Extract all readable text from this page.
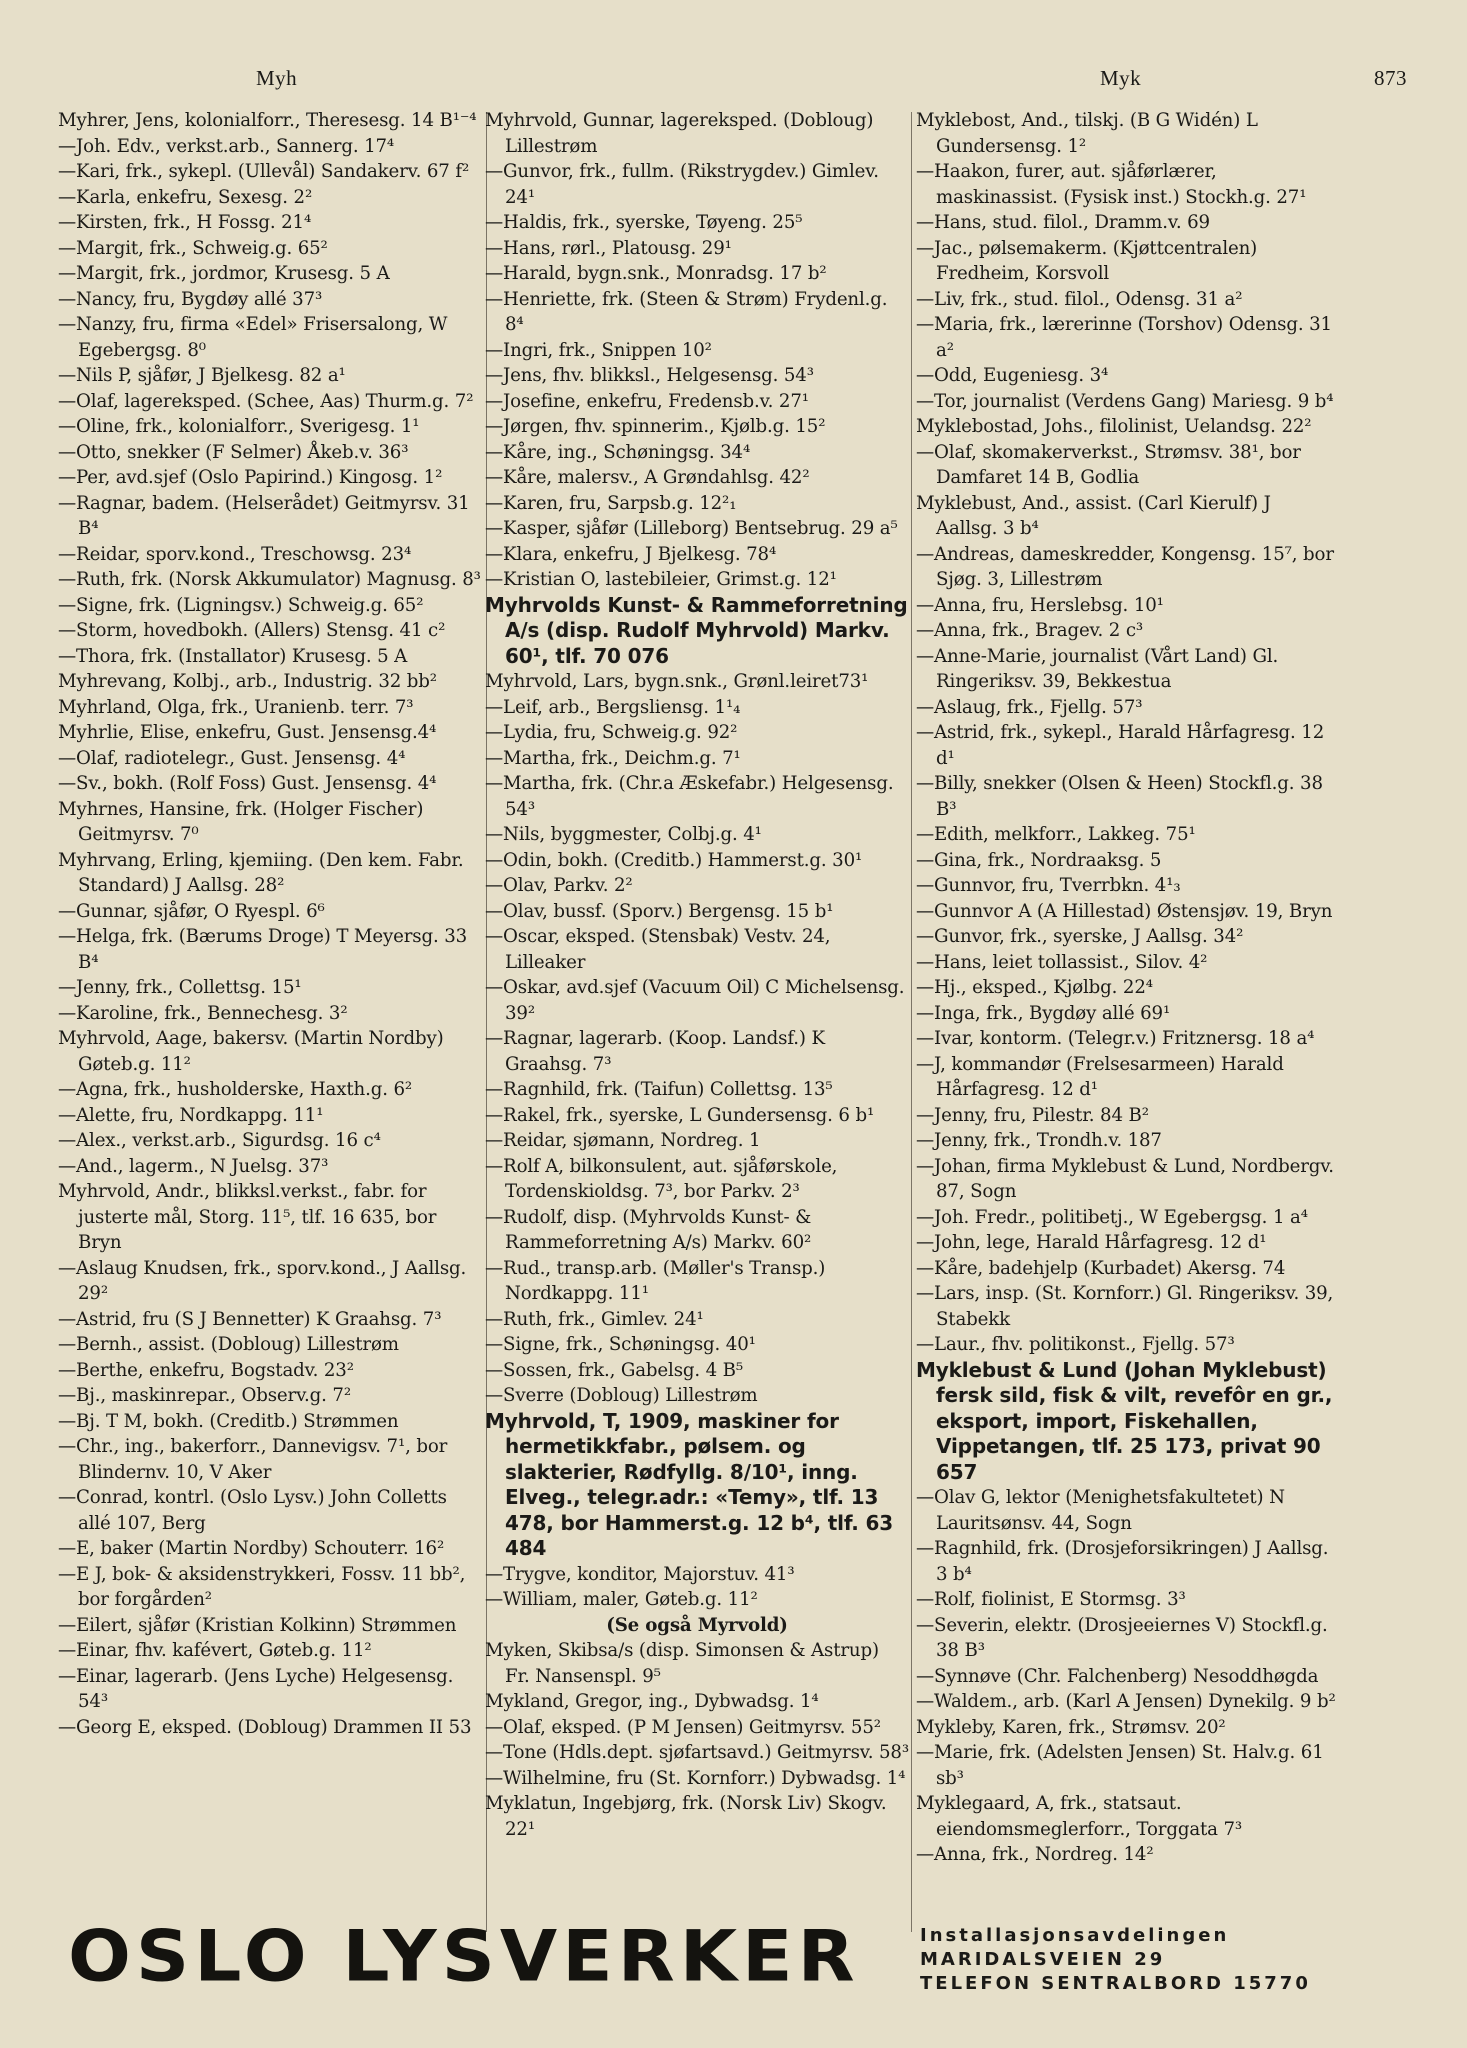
Myh	Myk	873

Myhrer, Jens, kolonialforr., Theresesg. 14 B¹⁻⁴

—Joh. Edv., verkst.arb., Sannerg. 17⁴

—Kari, frk., sykepl. (Ullevål) Sandakerv. 67 f²

—Karla, enkefru, Sexesg. 2²

—Kirsten, frk., H Fossg. 21⁴

—Margit, frk., Schweig.g. 65²

—Margit, frk., jordmor, Krusesg. 5 A

—Nancy, fru, Bygdøy allé 37³

—Nanzy, fru, firma «Edel» Frisersalong, W Egebergsg. 8⁰

—Nils P, sjåfør, J Bjelkesg. 82 a¹

—Olaf, lagereksped. (Schee, Aas) Thurm.g. 7²

—Oline, frk., kolonialforr., Sverigesg. 1¹

—Otto, snekker (F Selmer) Åkeb.v. 36³

—Per, avd.sjef (Oslo Papirind.) Kingosg. 1²

—Ragnar, badem. (Helserådet) Geitmyrsv. 31 B⁴

—Reidar, sporv.kond., Treschowsg. 23⁴

—Ruth, frk. (Norsk Akkumulator) Magnusg. 8³

—Signe, frk. (Ligningsv.) Schweig.g. 65²

—Storm, hovedbokh. (Allers) Stensg. 41 c²

—Thora, frk. (Installator) Krusesg. 5 A

Myhrevang, Kolbj., arb., Industrig. 32 bb²

Myhrland, Olga, frk., Uranienb. terr. 7³

Myhrlie, Elise, enkefru, Gust. Jensensg.4⁴

—Olaf, radiotelegr., Gust. Jensensg. 4⁴

—Sv., bokh. (Rolf Foss) Gust. Jensensg. 4⁴

Myhrnes, Hansine, frk. (Holger Fischer) Geitmyrsv. 7⁰

Myhrvang, Erling, kjemiing. (Den kem. Fabr. Standard) J Aallsg. 28²

—Gunnar, sjåfør, O Ryespl. 6⁶

—Helga, frk. (Bærums Droge) T Meyersg. 33 B⁴

—Jenny, frk., Collettsg. 15¹

—Karoline, frk., Bennechesg. 3²

Myhrvold, Aage, bakersv. (Martin Nordby) Gøteb.g. 11²

—Agna, frk., husholderske, Haxth.g. 6²

—Alette, fru, Nordkappg. 11¹

—Alex., verkst.arb., Sigurdsg. 16 c⁴

—And., lagerm., N Juelsg. 37³

Myhrvold, Andr., blikksl.verkst., fabr. for justerte mål, Storg. 11⁵, tlf. 16 635, bor Bryn

—Aslaug Knudsen, frk., sporv.kond., J Aallsg. 29²

—Astrid, fru (S J Bennetter) K Graahsg. 7³

—Bernh., assist. (Dobloug) Lillestrøm

—Berthe, enkefru, Bogstadv. 23²

—Bj., maskinrepar., Observ.g. 7²

—Bj. T M, bokh. (Creditb.) Strømmen

—Chr., ing., bakerforr., Dannevigsv. 7¹, bor Blindernv. 10, V Aker

—Conrad, kontrl. (Oslo Lysv.) John Colletts allé 107, Berg

—E, baker (Martin Nordby) Schouterr. 16²

—E J, bok- & aksidenstrykkeri, Fossv. 11 bb², bor forgården²

—Eilert, sjåfør (Kristian Kolkinn) Strømmen

—Einar, fhv. kafévert, Gøteb.g. 11²

—Einar, lagerarb. (Jens Lyche) Helgesensg. 54³

—Georg E, eksped. (Dobloug) Drammen II 53

Myhrvold, Gunnar, lagereksped. (Dobloug) Lillestrøm

—Gunvor, frk., fullm. (Rikstrygdev.) Gimlev. 24¹

—Haldis, frk., syerske, Tøyeng. 25⁵

—Hans, rørl., Platousg. 29¹

—Harald, bygn.snk., Monradsg. 17 b²

—Henriette, frk. (Steen & Strøm) Frydenl.g. 8⁴

—Ingri, frk., Snippen 10²

—Jens, fhv. blikksl., Helgesensg. 54³

—Josefine, enkefru, Fredensb.v. 27¹

—Jørgen, fhv. spinnerim., Kjølb.g. 15²

—Kåre, ing., Schøningsg. 34⁴

—Kåre, malersv., A Grøndahlsg. 42²

—Karen, fru, Sarpsb.g. 12²₁

—Kasper, sjåfør (Lilleborg) Bentsebrug. 29 a⁵

—Klara, enkefru, J Bjelkesg. 78⁴

—Kristian O, lastebileier, Grimst.g. 12¹

Myhrvolds Kunst- & Rammeforretning A/s (disp. Rudolf Myhrvold) Markv. 60¹, tlf. 70 076

Myhrvold, Lars, bygn.snk., Grønl.leiret73¹

—Leif, arb., Bergsliensg. 1¹₄

—Lydia, fru, Schweig.g. 92²

—Martha, frk., Deichm.g. 7¹

—Martha, frk. (Chr.a Æskefabr.) Helgesensg. 54³

—Nils, byggmester, Colbj.g. 4¹

—Odin, bokh. (Creditb.) Hammerst.g. 30¹

—Olav, Parkv. 2²

—Olav, bussf. (Sporv.) Bergensg. 15 b¹

—Oscar, eksped. (Stensbak) Vestv. 24, Lilleaker

—Oskar, avd.sjef (Vacuum Oil) C Michelsensg. 39²

—Ragnar, lagerarb. (Koop. Landsf.) K Graahsg. 7³

—Ragnhild, frk. (Taifun) Collettsg. 13⁵

—Rakel, frk., syerske, L Gundersensg. 6 b¹

—Reidar, sjømann, Nordreg. 1

—Rolf A, bilkonsulent, aut. sjåførskole, Tordenskioldsg. 7³, bor Parkv. 2³

—Rudolf, disp. (Myhrvolds Kunst- & Rammeforretning A/s) Markv. 60²

—Rud., transp.arb. (Møller's Transp.) Nordkappg. 11¹

—Ruth, frk., Gimlev. 24¹

—Signe, frk., Schøningsg. 40¹

—Sossen, frk., Gabelsg. 4 B⁵

—Sverre (Dobloug) Lillestrøm

Myhrvold, T, 1909, maskiner for hermetikkfabr., pølsem. og slakterier, Rødfyllg. 8/10¹, inng. Elveg., telegr.adr.: «Temy», tlf. 13 478, bor Hammerst.g. 12 b⁴, tlf. 63 484

—Trygve, konditor, Majorstuv. 41³

—William, maler, Gøteb.g. 11²

(Se også Myrvold)

Myken, Skibsa/s (disp. Simonsen & Astrup) Fr. Nansenspl. 9⁵

Mykland, Gregor, ing., Dybwadsg. 1⁴

—Olaf, eksped. (P M Jensen) Geitmyrsv. 55²

—Tone (Hdls.dept. sjøfartsavd.) Geitmyrsv. 58³

—Wilhelmine, fru (St. Kornforr.) Dybwadsg. 1⁴

Myklatun, Ingebjørg, frk. (Norsk Liv) Skogv. 22¹

Myklebost, And., tilskj. (B G Widén) L Gundersensg. 1²

—Haakon, furer, aut. sjåførlærer, maskinassist. (Fysisk inst.) Stockh.g. 27¹

—Hans, stud. filol., Dramm.v. 69

—Jac., pølsemakerm. (Kjøttcentralen) Fredheim, Korsvoll

—Liv, frk., stud. filol., Odensg. 31 a²

—Maria, frk., lærerinne (Torshov) Odensg. 31 a²

—Odd, Eugeniesg. 3⁴

—Tor, journalist (Verdens Gang) Mariesg. 9 b⁴

Myklebostad, Johs., filolinist, Uelandsg. 22²

—Olaf, skomakerverkst., Strømsv. 38¹, bor Damfaret 14 B, Godlia

Myklebust, And., assist. (Carl Kierulf) J Aallsg. 3 b⁴

—Andreas, dameskredder, Kongensg. 15⁷, bor Sjøg. 3, Lillestrøm

—Anna, fru, Herslebsg. 10¹

—Anna, frk., Bragev. 2 c³

—Anne-Marie, journalist (Vårt Land) Gl. Ringeriksv. 39, Bekkestua

—Aslaug, frk., Fjellg. 57³

—Astrid, frk., sykepl., Harald Hårfagresg. 12 d¹

—Billy, snekker (Olsen & Heen) Stockfl.g. 38 B³

—Edith, melkforr., Lakkeg. 75¹

—Gina, frk., Nordraaksg. 5

—Gunnvor, fru, Tverrbkn. 4¹₃

—Gunnvor A (A Hillestad) Østensjøv. 19, Bryn

—Gunvor, frk., syerske, J Aallsg. 34²

—Hans, leiet tollassist., Silov. 4²

—Hj., eksped., Kjølbg. 22⁴

—Inga, frk., Bygdøy allé 69¹

—Ivar, kontorm. (Telegr.v.) Fritznersg. 18 a⁴

—J, kommandør (Frelsesarmeen) Harald Hårfagresg. 12 d¹

—Jenny, fru, Pilestr. 84 B²

—Jenny, frk., Trondh.v. 187

—Johan, firma Myklebust & Lund, Nordbergv. 87, Sogn

—Joh. Fredr., politibetj., W Egebergsg. 1 a⁴

—John, lege, Harald Hårfagresg. 12 d¹

—Kåre, badehjelp (Kurbadet) Akersg. 74

—Lars, insp. (St. Kornforr.) Gl. Ringeriksv. 39, Stabekk

—Laur., fhv. politikonst., Fjellg. 57³

Myklebust & Lund (Johan Myklebust) fersk sild, fisk & vilt, revefôr en gr., eksport, import, Fiskehallen, Vippetangen, tlf. 25 173, privat 90 657

—Olav G, lektor (Menighetsfakultetet) N Lauritsønsv. 44, Sogn

—Ragnhild, frk. (Drosjeforsikringen) J Aallsg. 3 b⁴

—Rolf, fiolinist, E Stormsg. 3³

—Severin, elektr. (Drosjeeiernes V) Stockfl.g. 38 B³

—Synnøve (Chr. Falchenberg) Nesoddhøgda

—Waldem., arb. (Karl A Jensen) Dynekilg. 9 b²

Mykleby, Karen, frk., Strømsv. 20²

—Marie, frk. (Adelsten Jensen) St. Halv.g. 61 sb³

Myklegaard, A, frk., statsaut. eiendomsmeglerforr., Torggata 7³

—Anna, frk., Nordreg. 14²

OSLO LYSVERKER	Installasjonsavdelingen
MARIDALSVEIEN 29
TELEFON SENTRALBORD 15770
